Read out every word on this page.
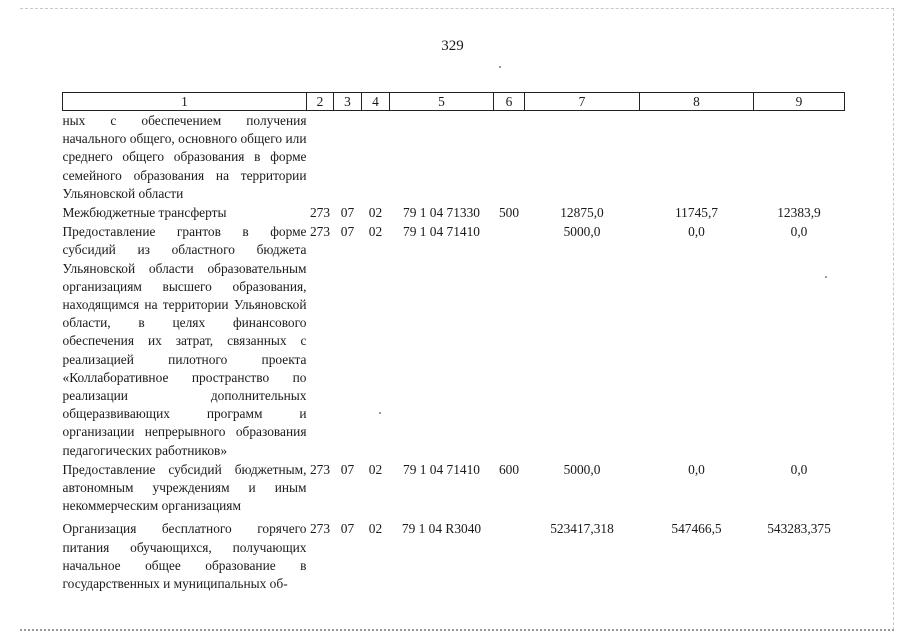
329
1	2	3	4	5	6	7	8	9
ных с обеспечением получения начального общего, основного общего или среднего общего образования в форме семейного образования на территории Ульяновской области								
Межбюджетные трансферты	273	07	02	79 1 04 71330	500	12875,0	11745,7	12383,9
Предоставление грантов в форме субсидий из областного бюджета Ульяновской области образовательным организациям высшего образования, находящимся на территории Ульяновской области, в целях финансового обеспечения их затрат, связанных с реализацией пилотного проекта «Коллаборативное пространство по реализации дополнительных общеразвивающих программ и организации непрерывного образования педагогических работников»	273	07	02	79 1 04 71410		5000,0	0,0	0,0
Предоставление субсидий бюджетным, автономным учреждениям и иным некоммерческим организациям	273	07	02	79 1 04 71410	600	5000,0	0,0	0,0
Организация бесплатного горячего питания обучающихся, получающих начальное общее образование в государственных и муниципальных об-	273	07	02	79 1 04 R3040		523417,318	547466,5	543283,375
